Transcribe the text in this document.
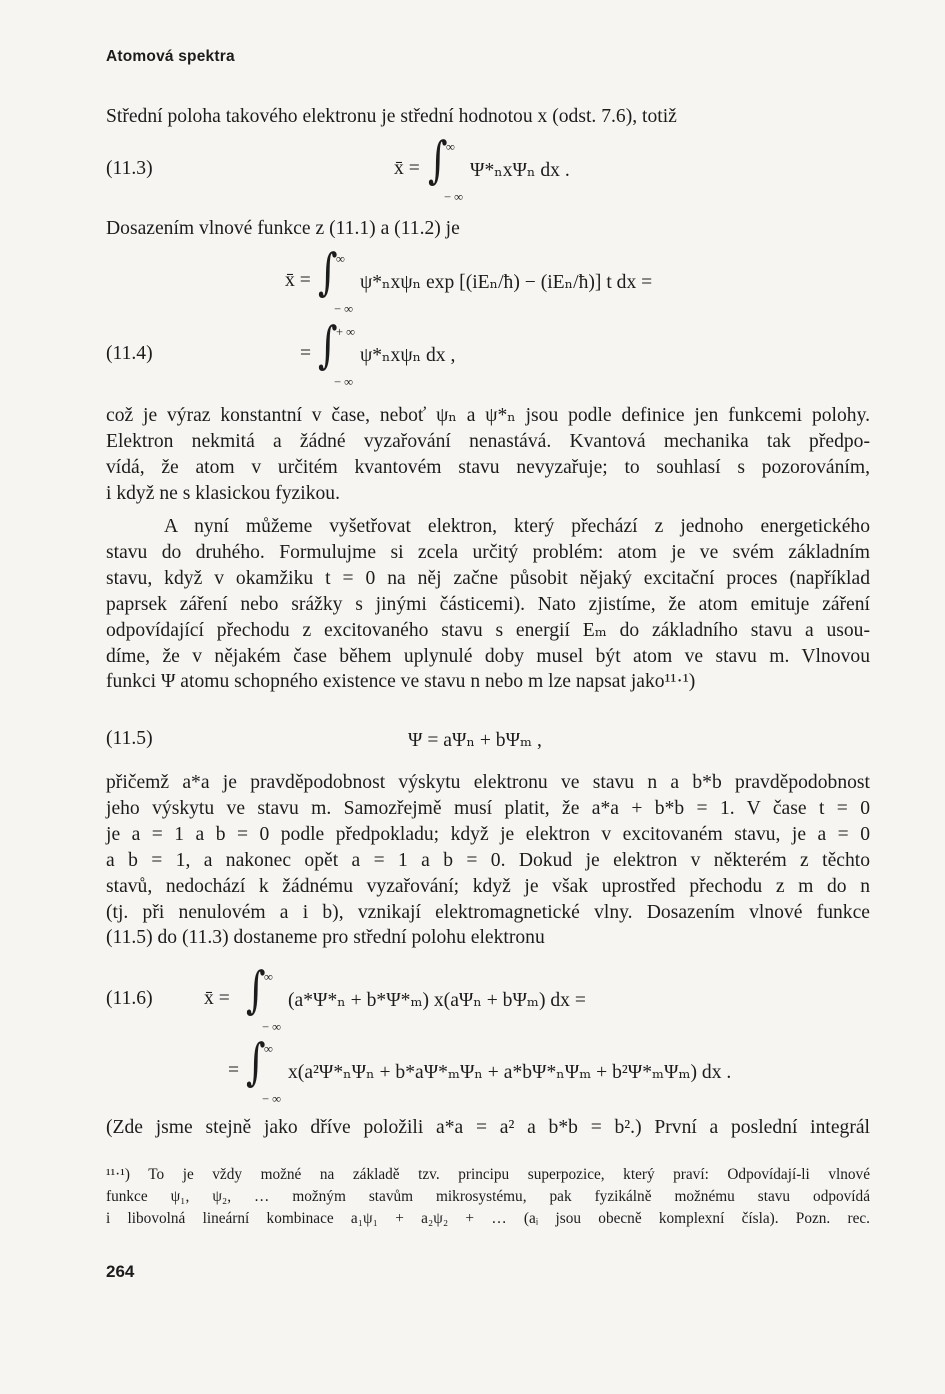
Atomová spektra
Střední poloha takového elektronu je střední hodnotou x (odst. 7.6), totiž
(11.3)	x̄ = ∫
∞
− ∞
Ψ*ₙxΨₙ dx .
Dosazením vlnové funkce z (11.1) a (11.2) je
x̄ = ∫
∞
− ∞
ψ*ₙxψₙ exp [(iEₙ/ħ) − (iEₙ/ħ)] t dx =
(11.4)	= ∫
+ ∞
− ∞
ψ*ₙxψₙ dx ,
což je výraz konstantní v čase, neboť ψₙ a ψ*ₙ jsou podle definice jen funkcemi polohy.
Elektron nekmitá a žádné vyzařování nenastává. Kvantová mechanika tak předpo-
vídá, že atom v určitém kvantovém stavu nevyzařuje; to souhlasí s pozorováním,
i když ne s klasickou fyzikou.
A nyní můžeme vyšetřovat elektron, který přechází z jednoho energetického
stavu do druhého. Formulujme si zcela určitý problém: atom je ve svém základním
stavu, když v okamžiku t = 0 na něj začne působit nějaký excitační proces (například
paprsek záření nebo srážky s jinými částicemi). Nato zjistíme, že atom emituje záření
odpovídající přechodu z excitovaného stavu s energií Eₘ do základního stavu a usou-
díme, že v nějakém čase během uplynulé doby musel být atom ve stavu m. Vlnovou
funkci Ψ atomu schopného existence ve stavu n nebo m lze napsat jako¹¹·¹)
(11.5)	Ψ = aΨₙ + bΨₘ ,
přičemž a*a je pravděpodobnost výskytu elektronu ve stavu n a b*b pravděpodobnost
jeho výskytu ve stavu m. Samozřejmě musí platit, že a*a + b*b = 1. V čase t = 0
je a = 1 a b = 0 podle předpokladu; když je elektron v excitovaném stavu, je a = 0
a b = 1, a nakonec opět a = 1 a b = 0. Dokud je elektron v některém z těchto
stavů, nedochází k žádnému vyzařování; když je však uprostřed přechodu z m do n
(tj. při nenulovém a i b), vznikají elektromagnetické vlny. Dosazením vlnové funkce
(11.5) do (11.3) dostaneme pro střední polohu elektronu
(11.6)	x̄ = ∫
∞
− ∞
(a*Ψ*ₙ + b*Ψ*ₘ) x(aΨₙ + bΨₘ) dx =
= ∫
∞
− ∞
x(a²Ψ*ₙΨₙ + b*aΨ*ₘΨₙ + a*bΨ*ₙΨₘ + b²Ψ*ₘΨₘ) dx .
(Zde jsme stejně jako dříve položili a*a = a² a b*b = b².) První a poslední integrál
¹¹·¹) To je vždy možné na základě tzv. principu superpozice, který praví: Odpovídají-li vlnové
funkce ψ₁, ψ₂, … možným stavům mikrosystému, pak fyzikálně možnému stavu odpovídá
i libovolná lineární kombinace a₁ψ₁ + a₂ψ₂ + … (aᵢ jsou obecně komplexní čísla). Pozn. rec.
264
